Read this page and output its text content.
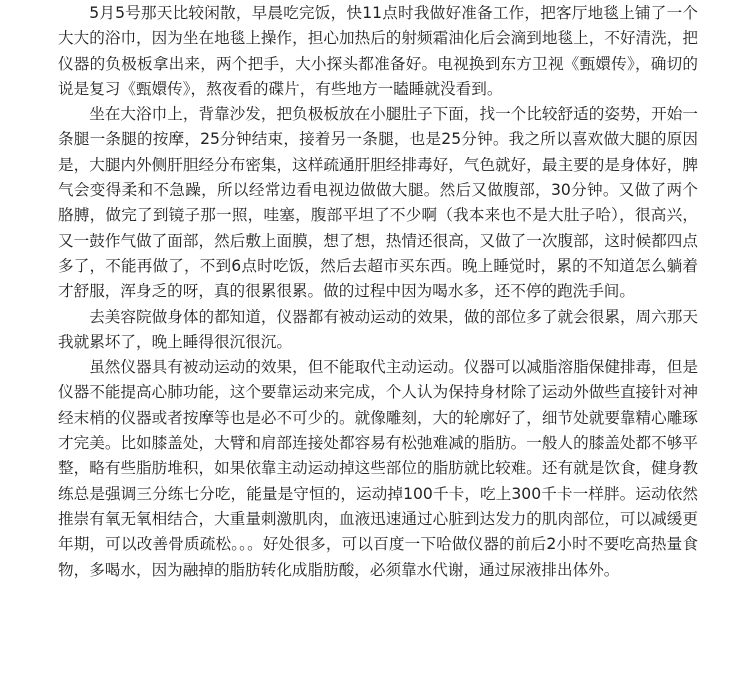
5月5号那天比较闲散，早晨吃完饭，快11点时我做好准备工作，把客厅地毯上铺了一个大大的浴巾，因为坐在地毯上操作，担心加热后的射频霜油化后会滴到地毯上，不好清洗，把仪器的负极板拿出来，两个把手，大小探头都准备好。电视换到东方卫视《甄嬛传》，确切的说是复习《甄嬛传》，熬夜看的碟片，有些地方一瞌睡就没看到。

坐在大浴巾上，背靠沙发，把负极板放在小腿肚子下面，找一个比较舒适的姿势，开始一条腿一条腿的按摩，25分钟结束，接着另一条腿，也是25分钟。我之所以喜欢做大腿的原因是，大腿内外侧肝胆经分布密集，这样疏通肝胆经排毒好，气色就好，最主要的是身体好，脾气会变得柔和不急躁，所以经常边看电视边做做大腿。然后又做腹部，30分钟。又做了两个胳膊，做完了到镜子那一照，哇塞，腹部平坦了不少啊（我本来也不是大肚子哈），很高兴，又一鼓作气做了面部，然后敷上面膜，想了想，热情还很高，又做了一次腹部，这时候都四点多了，不能再做了，不到6点时吃饭，然后去超市买东西。晚上睡觉时，累的不知道怎么躺着才舒服，浑身乏的呀，真的很累很累。做的过程中因为喝水多，还不停的跑洗手间。

去美容院做身体的都知道，仪器都有被动运动的效果，做的部位多了就会很累，周六那天我就累坏了，晚上睡得很沉很沉。

虽然仪器具有被动运动的效果，但不能取代主动运动。仪器可以减脂溶脂保健排毒，但是仪器不能提高心肺功能，这个要靠运动来完成，个人认为保持身材除了运动外做些直接针对神经末梢的仪器或者按摩等也是必不可少的。就像雕刻，大的轮廓好了，细节处就要靠精心雕琢才完美。比如膝盖处，大臂和肩部连接处都容易有松弛难减的脂肪。一般人的膝盖处都不够平整，略有些脂肪堆积，如果依靠主动运动掉这些部位的脂肪就比较难。还有就是饮食，健身教练总是强调三分练七分吃，能量是守恒的，运动掉100千卡，吃上300千卡一样胖。运动依然推崇有氧无氧相结合，大重量刺激肌肉，血液迅速通过心脏到达发力的肌肉部位，可以减缓更年期，可以改善骨质疏松。。。好处很多，可以百度一下哈做仪器的前后2小时不要吃高热量食物，多喝水，因为融掉的脂肪转化成脂肪酸，必须靠水代谢，通过尿液排出体外。
